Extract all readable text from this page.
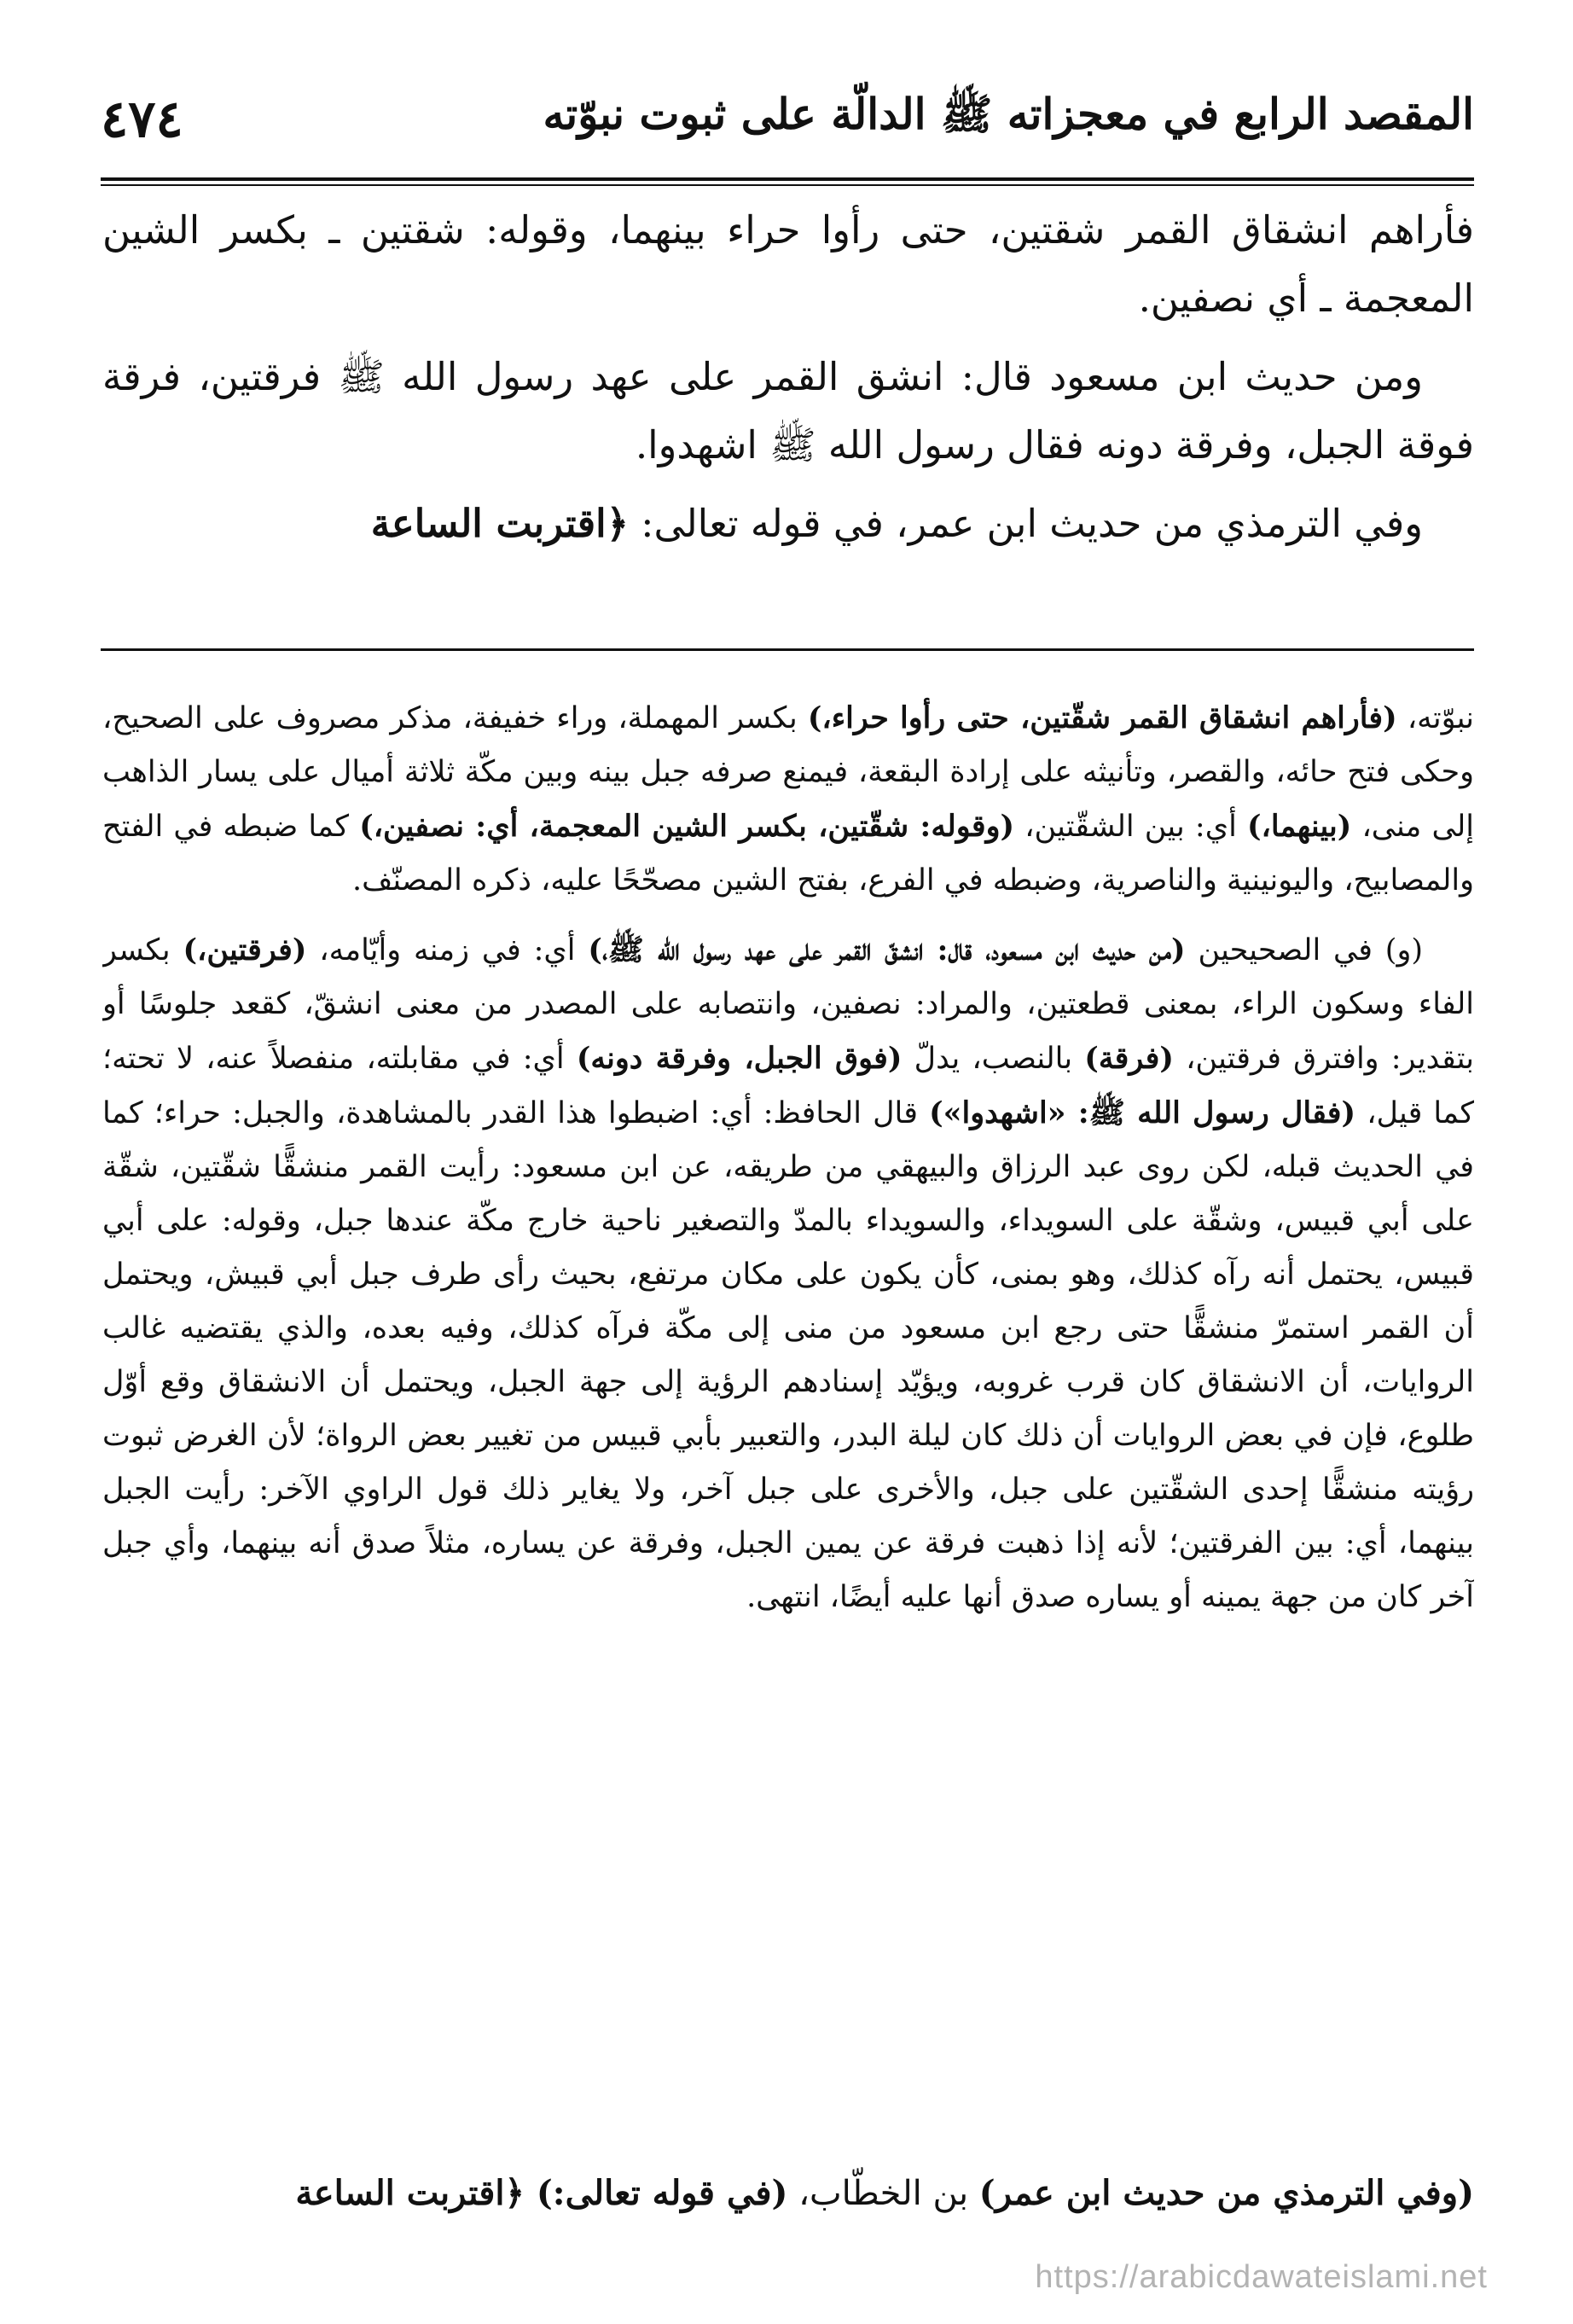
المقصد الرابع في معجزاته ﷺ الدالّة على ثبوت نبوّته
٤٧٤

فأراهم انشقاق القمر شقتين، حتى رأوا حراء بينهما، وقوله: شقتين ـ بكسر الشين المعجمة ـ أي نصفين.

ومن حديث ابن مسعود قال: انشق القمر على عهد رسول الله ﷺ فرقتين، فرقة فوقة الجبل، وفرقة دونه فقال رسول الله ﷺ اشهدوا.

وفي الترمذي من حديث ابن عمر، في قوله تعالى: ﴿اقتربت الساعة

نبوّته، (فأراهم انشقاق القمر شقّتين، حتى رأوا حراء،) بكسر المهملة، وراء خفيفة، مذكر مصروف على الصحيح، وحكى فتح حائه، والقصر، وتأنيثه على إرادة البقعة، فيمنع صرفه جبل بينه وبين مكّة ثلاثة أميال على يسار الذاهب إلى منى، (بينهما،) أي: بين الشقّتين، (وقوله: شقّتين، بكسر الشين المعجمة، أي: نصفين،) كما ضبطه في الفتح والمصابيح، واليونينية والناصرية، وضبطه في الفرع، بفتح الشين مصحّحًا عليه، ذكره المصنّف.

(و) في الصحيحين (من حديث ابن مسعود، قال: انشقّ القمر على عهد رسول الله ﷺ،) أي: في زمنه وأيّامه، (فرقتين،) بكسر الفاء وسكون الراء، بمعنى قطعتين، والمراد: نصفين، وانتصابه على المصدر من معنى انشقّ، كقعد جلوسًا أو بتقدير: وافترق فرقتين، (فرقة) بالنصب، يدلّ (فوق الجبل، وفرقة دونه) أي: في مقابلته، منفصلاً عنه، لا تحته؛ كما قيل، (فقال رسول الله ﷺ: «اشهدوا») قال الحافظ: أي: اضبطوا هذا القدر بالمشاهدة، والجبل: حراء؛ كما في الحديث قبله، لكن روى عبد الرزاق والبيهقي من طريقه، عن ابن مسعود: رأيت القمر منشقًّا شقّتين، شقّة على أبي قبيس، وشقّة على السويداء، والسويداء بالمدّ والتصغير ناحية خارج مكّة عندها جبل، وقوله: على أبي قبيس، يحتمل أنه رآه كذلك، وهو بمنى، كأن يكون على مكان مرتفع، بحيث رأى طرف جبل أبي قبيش، ويحتمل أن القمر استمرّ منشقًّا حتى رجع ابن مسعود من منى إلى مكّة فرآه كذلك، وفيه بعده، والذي يقتضيه غالب الروايات، أن الانشقاق كان قرب غروبه، ويؤيّد إسنادهم الرؤية إلى جهة الجبل، ويحتمل أن الانشقاق وقع أوّل طلوع، فإن في بعض الروايات أن ذلك كان ليلة البدر، والتعبير بأبي قبيس من تغيير بعض الرواة؛ لأن الغرض ثبوت رؤيته منشقًّا إحدى الشقّتين على جبل، والأخرى على جبل آخر، ولا يغاير ذلك قول الراوي الآخر: رأيت الجبل بينهما، أي: بين الفرقتين؛ لأنه إذا ذهبت فرقة عن يمين الجبل، وفرقة عن يساره، مثلاً صدق أنه بينهما، وأي جبل آخر كان من جهة يمينه أو يساره صدق أنها عليه أيضًا، انتهى.

(وفي الترمذي من حديث ابن عمر) بن الخطّاب، (في قوله تعالى:) ﴿اقتربت الساعة
https://arabicdawateislami.net
